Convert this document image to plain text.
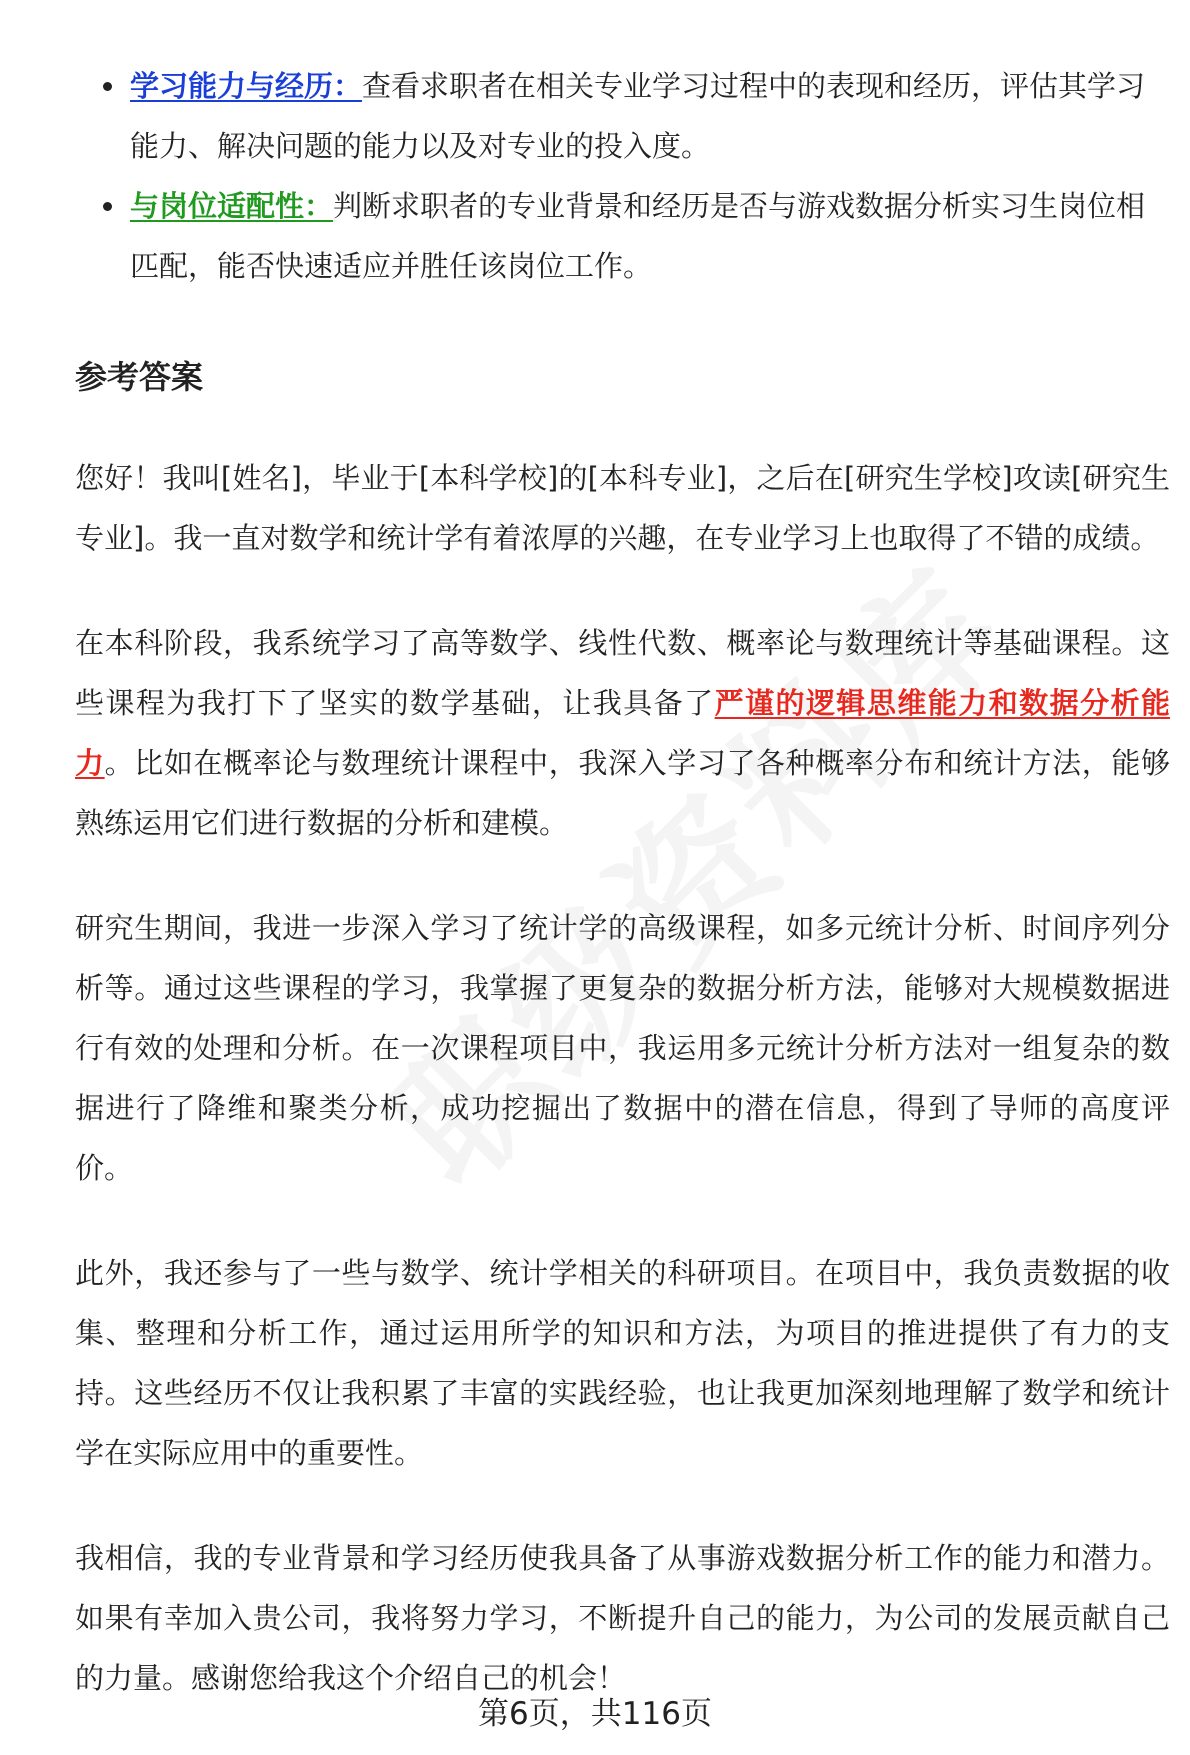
学习能力与经历：查看求职者在相关专业学习过程中的表现和经历，评估其学习能力、解决问题的能力以及对专业的投入度。
与岗位适配性：判断求职者的专业背景和经历是否与游戏数据分析实习生岗位相匹配，能否快速适应并胜任该岗位工作。
参考答案

您好！我叫[姓名]，毕业于[本科学校]的[本科专业]，之后在[研究生学校]攻读[研究生专业]。我一直对数学和统计学有着浓厚的兴趣，在专业学习上也取得了不错的成绩。

在本科阶段，我系统学习了高等数学、线性代数、概率论与数理统计等基础课程。这些课程为我打下了坚实的数学基础，让我具备了严谨的逻辑思维能力和数据分析能力。比如在概率论与数理统计课程中，我深入学习了各种概率分布和统计方法，能够熟练运用它们进行数据的分析和建模。

研究生期间，我进一步深入学习了统计学的高级课程，如多元统计分析、时间序列分析等。通过这些课程的学习，我掌握了更复杂的数据分析方法，能够对大规模数据进行有效的处理和分析。在一次课程项目中，我运用多元统计分析方法对一组复杂的数据进行了降维和聚类分析，成功挖掘出了数据中的潜在信息，得到了导师的高度评价。

此外，我还参与了一些与数学、统计学相关的科研项目。在项目中，我负责数据的收集、整理和分析工作，通过运用所学的知识和方法，为项目的推进提供了有力的支持。这些经历不仅让我积累了丰富的实践经验，也让我更加深刻地理解了数学和统计学在实际应用中的重要性。

我相信，我的专业背景和学习经历使我具备了从事游戏数据分析工作的能力和潜力。如果有幸加入贵公司，我将努力学习，不断提升自己的能力，为公司的发展贡献自己的力量。感谢您给我这个介绍自己的机会！

第6页，共116页
